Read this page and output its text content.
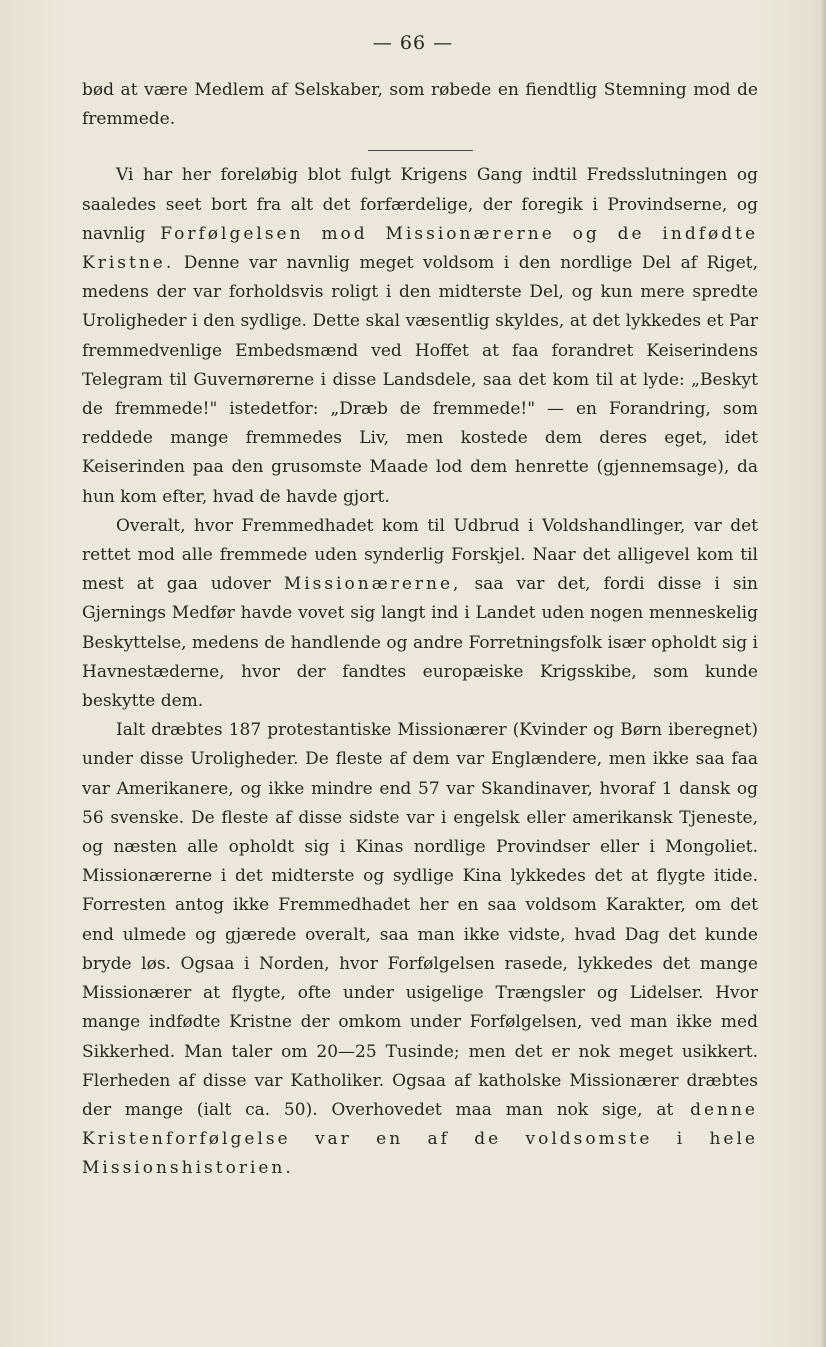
— 66 —

bød at være Medlem af Selskaber, som røbede en fiendtlig Stemning mod de fremmede.

Vi har her foreløbig blot fulgt Krigens Gang indtil Fredsslutningen og saaledes seet bort fra alt det forfærdelige, der foregik i Provindserne, og navnlig Forfølgelsen mod Missionærerne og de indfødte Kristne. Denne var navnlig meget voldsom i den nordlige Del af Riget, medens der var forholdsvis roligt i den midterste Del, og kun mere spredte Uroligheder i den sydlige. Dette skal væsentlig skyldes, at det lykkedes et Par fremmedvenlige Embedsmænd ved Hoffet at faa forandret Keiserindens Telegram til Guvernørerne i disse Landsdele, saa det kom til at lyde: „Beskyt de fremmede!" istedetfor: „Dræb de fremmede!" — en Forandring, som reddede mange fremmedes Liv, men kostede dem deres eget, idet Keiserinden paa den grusomste Maade lod dem henrette (gjennemsage), da hun kom efter, hvad de havde gjort.

Overalt, hvor Fremmedhadet kom til Udbrud i Voldshandlinger, var det rettet mod alle fremmede uden synderlig Forskjel. Naar det alligevel kom til mest at gaa udover Missionærerne, saa var det, fordi disse i sin Gjernings Medfør havde vovet sig langt ind i Landet uden nogen menneskelig Beskyttelse, medens de handlende og andre Forretningsfolk især opholdt sig i Havnestæderne, hvor der fandtes europæiske Krigsskibe, som kunde beskytte dem.

Ialt dræbtes 187 protestantiske Missionærer (Kvinder og Børn iberegnet) under disse Uroligheder. De fleste af dem var Englændere, men ikke saa faa var Amerikanere, og ikke mindre end 57 var Skandinaver, hvoraf 1 dansk og 56 svenske. De fleste af disse sidste var i engelsk eller amerikansk Tjeneste, og næsten alle opholdt sig i Kinas nordlige Provindser eller i Mongoliet. Missionærerne i det midterste og sydlige Kina lykkedes det at flygte itide. Forresten antog ikke Fremmedhadet her en saa voldsom Karakter, om det end ulmede og gjærede overalt, saa man ikke vidste, hvad Dag det kunde bryde løs. Ogsaa i Norden, hvor Forfølgelsen rasede, lykkedes det mange Missionærer at flygte, ofte under usigelige Trængsler og Lidelser. Hvor mange indfødte Kristne der omkom under Forfølgelsen, ved man ikke med Sikkerhed. Man taler om 20—25 Tusinde; men det er nok meget usikkert. Flerheden af disse var Katholiker. Ogsaa af katholske Missionærer dræbtes der mange (ialt ca. 50). Overhovedet maa man nok sige, at denne Kristenforfølgelse var en af de voldsomste i hele Missionshistorien.
